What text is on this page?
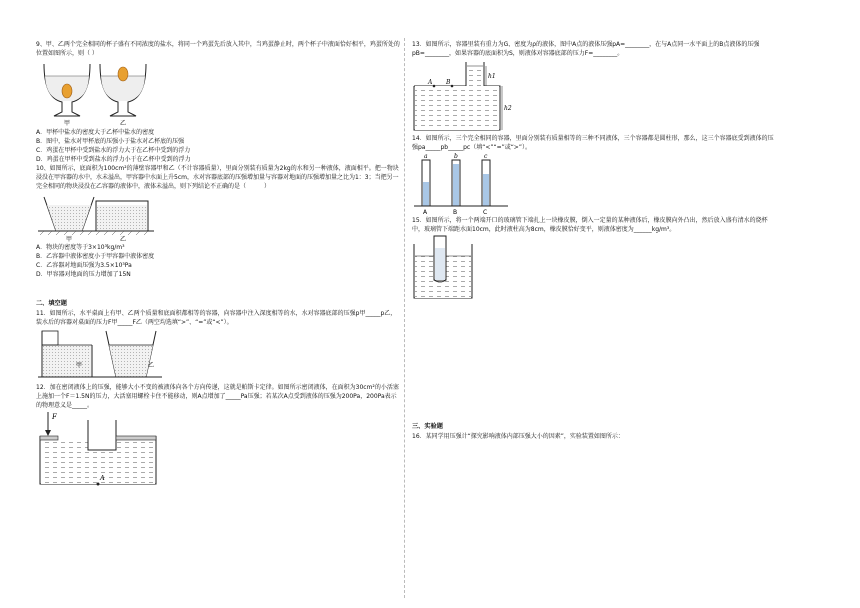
9、甲、乙两个完全相同的杯子盛有不同浓度的盐水，将同一个鸡蛋先后放入其中，当鸡蛋静止时，两个杯子中液面恰好相平，鸡蛋所处的位置如图所示，则（ ）

甲	乙

A．甲杯中盐水的密度大于乙杯中盐水的密度

B．图中，盐水对甲杯底的压强小于盐水对乙杯底的压强

C．鸡蛋在甲杯中受到盐水的浮力大于在乙杯中受到的浮力

D．鸡蛋在甲杯中受到盐水的浮力小于在乙杯中受到的浮力

10、如图所示，底面积为100cm²的薄壁容器甲和乙（不计容器质量），里面分别装有质量为2kg的水和另一种液体，液面相平。把一物块浸没在甲容器的水中，水未溢出，甲容器中水面上升5cm，水对容器底部的压强增加量与容器对地面的压强增加量之比为1：3；当把另一完全相同的物块浸没在乙容器的液体中，液体未溢出，则下列结论不正确的是（　　　）

甲	乙

A．物块的密度等于3×10³kg/m³

B．乙容器中液体密度小于甲容器中液体密度

C．乙容器对地面压强为3.5×10³Pa

D．甲容器对地面的压力增加了15N

二、填空题

11．如图所示，水平桌面上有甲、乙两个质量和底面积都相等的容器，向容器中注入深度相等的水，水对容器底部的压强p甲_____p乙，装水后的容器对桌面的压力F甲_____F乙（两空均选填“>”、“=”或“<”）。

甲	乙

12．加在密闭液体上的压强，能够大小不变的被液体向各个方向传递，这就是帕斯卡定律。如图所示密闭液体，在面积为30cm²的小活塞上施加一个F＝1.5N的压力，大活塞用螺栓卡住不能移动，则A点增加了_____Pa压强；若某次A点受到液体的压强为200Pa，200Pa表示的物理意义是_____。

F
A

13．如图所示，容器里装有重力为G、密度为ρ的液体，图中A点的液体压强pA=________，在与A点同一水平面上的B点液体的压强pB=________，如果容器的底面积为S，则液体对容器底部的压力F=________。

h1
h2
A B

14．如图所示，三个完全相同的容器，里面分别装有质量相等的三种不同液体，三个容器都是圆柱形，那么，这三个容器底受到液体的压强pa_____pb_____pc（填“<”“=”或“>”）。

a	b	c
A	B	C

15．如图所示，将一个两端开口的玻璃管下端扎上一块橡皮膜，倒入一定量的某种液体后，橡皮膜向外凸出，然后放入盛有清水的烧杯中，玻璃管下端距水面10cm，此时液柱高为8cm，橡皮膜恰好变平，则液体密度为______kg/m³。

三、实验题

16．某同学用压强计“探究影响液体内部压强大小的因素”，实验装置如图所示：
